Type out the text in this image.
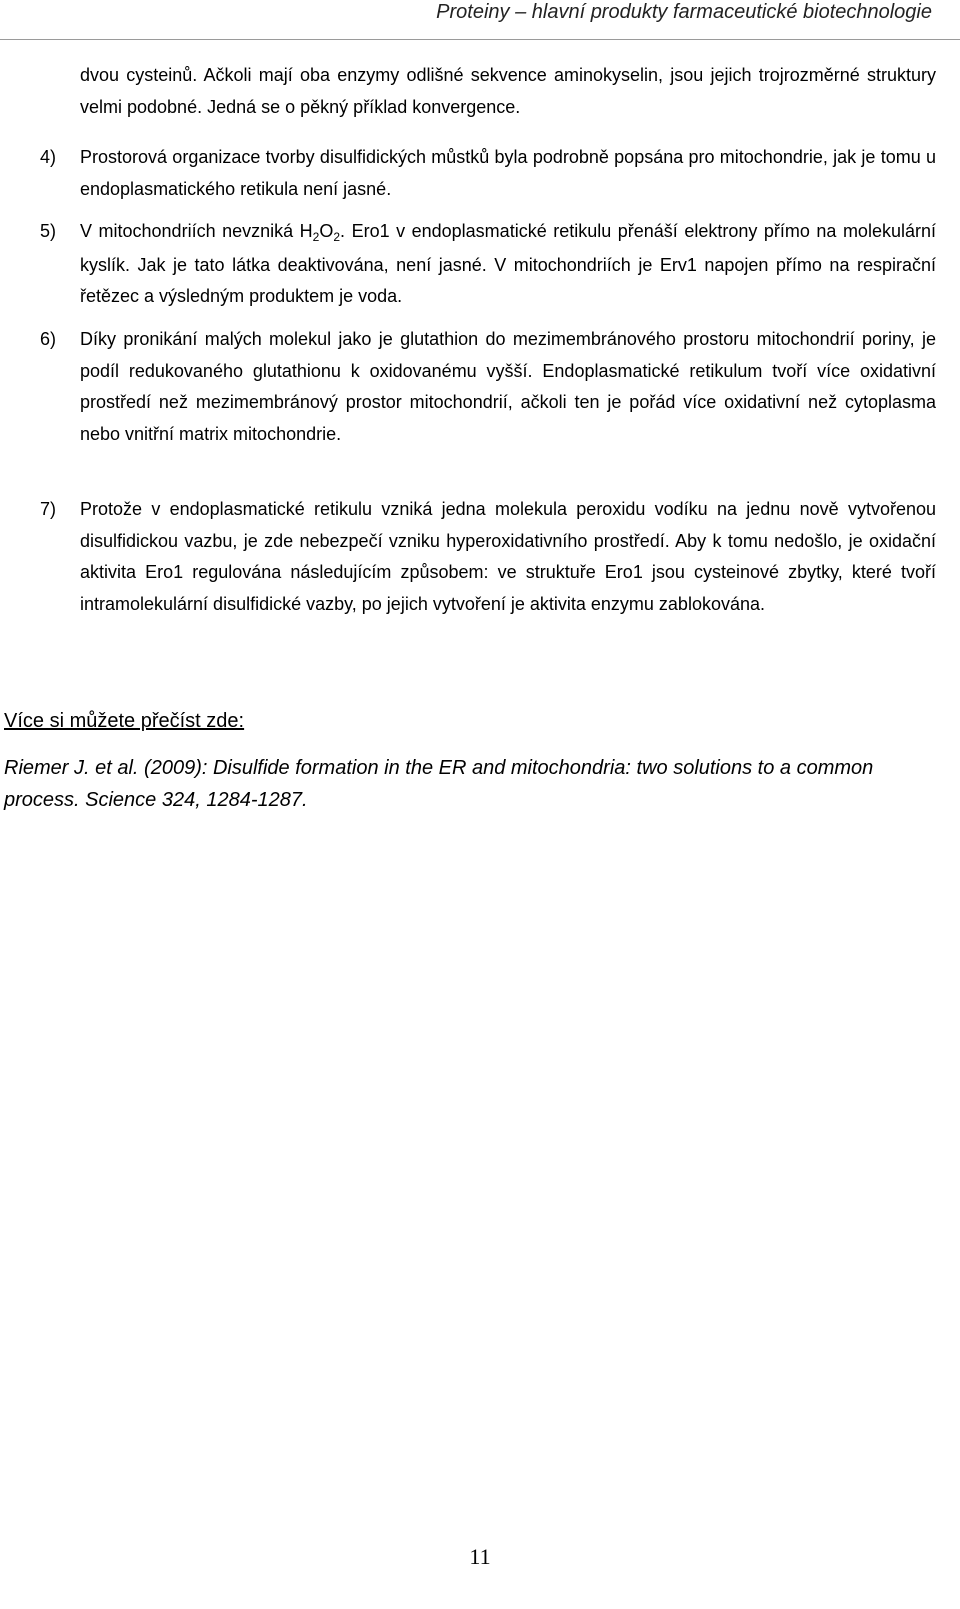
Proteiny – hlavní produkty farmaceutické biotechnologie

dvou cysteinů. Ačkoli mají oba enzymy odlišné sekvence aminokyselin, jsou jejich trojrozměrné struktury velmi podobné. Jedná se o pěkný příklad konvergence.

4)	Prostorová organizace tvorby disulfidických můstků byla podrobně popsána pro mitochondrie, jak je tomu u endoplasmatického retikula není jasné.
5)	V mitochondriích nevzniká $H_2O_2$. Ero1 v endoplasmatické retikulu přenáší elektrony přímo na molekulární kyslík. Jak je tato látka deaktivována, není jasné. V mitochondriích je Erv1 napojen přímo na respirační řetězec a výsledným produktem je voda.
6)	Díky pronikání malých molekul jako je glutathion do mezimembránového prostoru mitochondrií poriny, je podíl redukovaného glutathionu k oxidovanému vyšší. Endoplasmatické retikulum tvoří více oxidativní prostředí než mezimembránový prostor mitochondrií, ačkoli ten je pořád více oxidativní než cytoplasma nebo vnitřní matrix mitochondrie.
7)	Protože v endoplasmatické retikulu vzniká jedna molekula peroxidu vodíku na jednu nově vytvořenou disulfidickou vazbu, je zde nebezpečí vzniku hyperoxidativního prostředí. Aby k tomu nedošlo, je oxidační aktivita Ero1 regulována následujícím způsobem: ve struktuře Ero1 jsou cysteinové zbytky, které tvoří intramolekulární disulfidické vazby, po jejich vytvoření je aktivita enzymu zablokována.
Více si můžete přečíst zde:

Riemer J. et al. (2009): Disulfide formation in the ER and mitochondria: two solutions to a common process. Science 324, 1284-1287.

11
